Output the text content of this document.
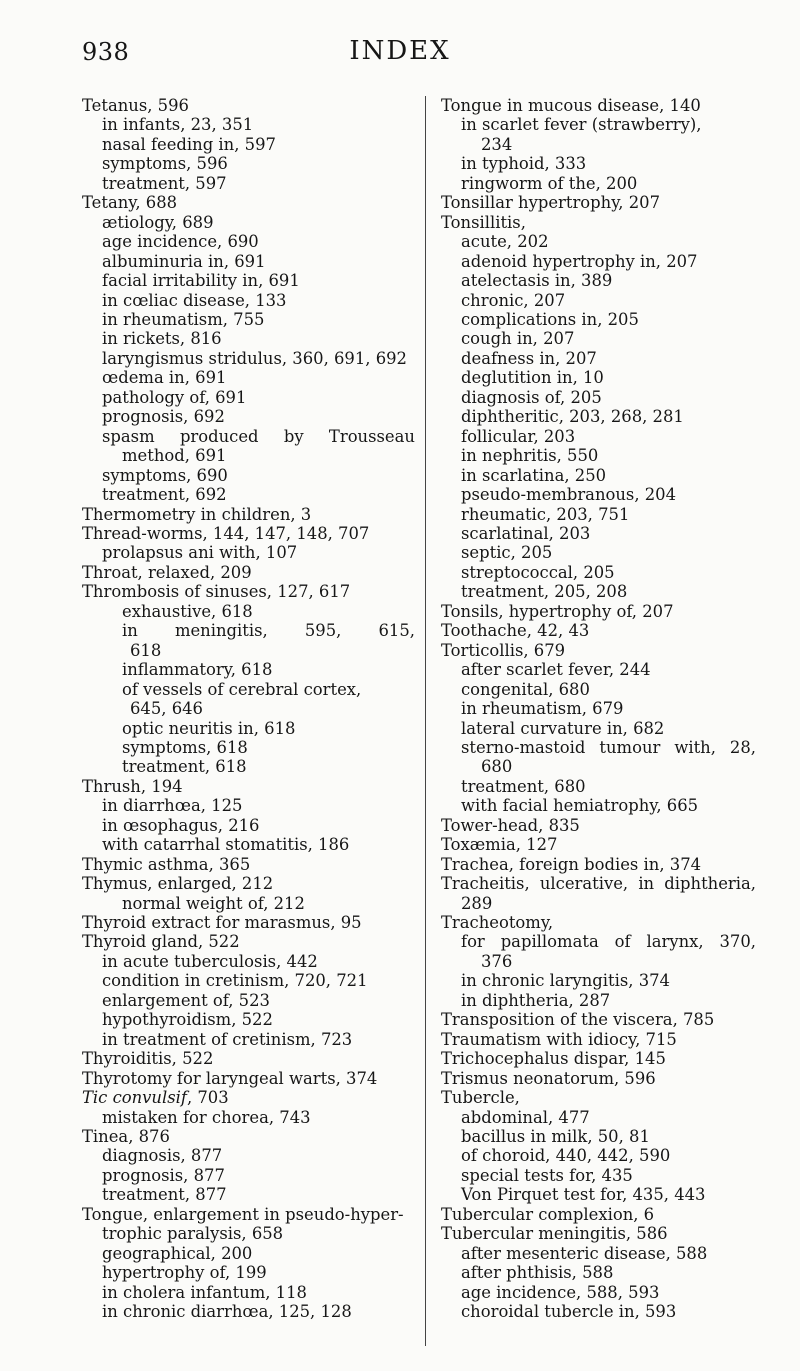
938	INDEX
Tetanus, 596
in infants, 23, 351
nasal feeding in, 597
symptoms, 596
treatment, 597
Tetany, 688
ætiology, 689
age incidence, 690
albuminuria in, 691
facial irritability in, 691
in cœliac disease, 133
in rheumatism, 755
in rickets, 816
laryngismus stridulus, 360, 691, 692
œdema in, 691
pathology of, 691
prognosis, 692
spasm produced by Trousseau
method, 691
symptoms, 690
treatment, 692
Thermometry in children, 3
Thread-worms, 144, 147, 148, 707
prolapsus ani with, 107
Throat, relaxed, 209
Thrombosis of sinuses, 127, 617
exhaustive, 618
in meningitis, 595, 615,
618
inflammatory, 618
of vessels of cerebral cortex,
645, 646
optic neuritis in, 618
symptoms, 618
treatment, 618
Thrush, 194
in diarrhœa, 125
in œsophagus, 216
with catarrhal stomatitis, 186
Thymic asthma, 365
Thymus, enlarged, 212
normal weight of, 212
Thyroid extract for marasmus, 95
Thyroid gland, 522
in acute tuberculosis, 442
condition in cretinism, 720, 721
enlargement of, 523
hypothyroidism, 522
in treatment of cretinism, 723
Thyroiditis, 522
Thyrotomy for laryngeal warts, 374
Tic convulsif, 703
mistaken for chorea, 743
Tinea, 876
diagnosis, 877
prognosis, 877
treatment, 877
Tongue, enlargement in pseudo-hyper-
trophic paralysis, 658
geographical, 200
hypertrophy of, 199
in cholera infantum, 118
in chronic diarrhœa, 125, 128
Tongue in mucous disease, 140
in scarlet fever (strawberry),
234
in typhoid, 333
ringworm of the, 200
Tonsillar hypertrophy, 207
Tonsillitis,
acute, 202
adenoid hypertrophy in, 207
atelectasis in, 389
chronic, 207
complications in, 205
cough in, 207
deafness in, 207
deglutition in, 10
diagnosis of, 205
diphtheritic, 203, 268, 281
follicular, 203
in nephritis, 550
in scarlatina, 250
pseudo-membranous, 204
rheumatic, 203, 751
scarlatinal, 203
septic, 205
streptococcal, 205
treatment, 205, 208
Tonsils, hypertrophy of, 207
Toothache, 42, 43
Torticollis, 679
after scarlet fever, 244
congenital, 680
in rheumatism, 679
lateral curvature in, 682
sterno-mastoid tumour with, 28,
680
treatment, 680
with facial hemiatrophy, 665
Tower-head, 835
Toxæmia, 127
Trachea, foreign bodies in, 374
Tracheitis, ulcerative, in diphtheria,
289
Tracheotomy,
for papillomata of larynx, 370,
376
in chronic laryngitis, 374
in diphtheria, 287
Transposition of the viscera, 785
Traumatism with idiocy, 715
Trichocephalus dispar, 145
Trismus neonatorum, 596
Tubercle,
abdominal, 477
bacillus in milk, 50, 81
of choroid, 440, 442, 590
special tests for, 435
Von Pirquet test for, 435, 443
Tubercular complexion, 6
Tubercular meningitis, 586
after mesenteric disease, 588
after phthisis, 588
age incidence, 588, 593
choroidal tubercle in, 593
